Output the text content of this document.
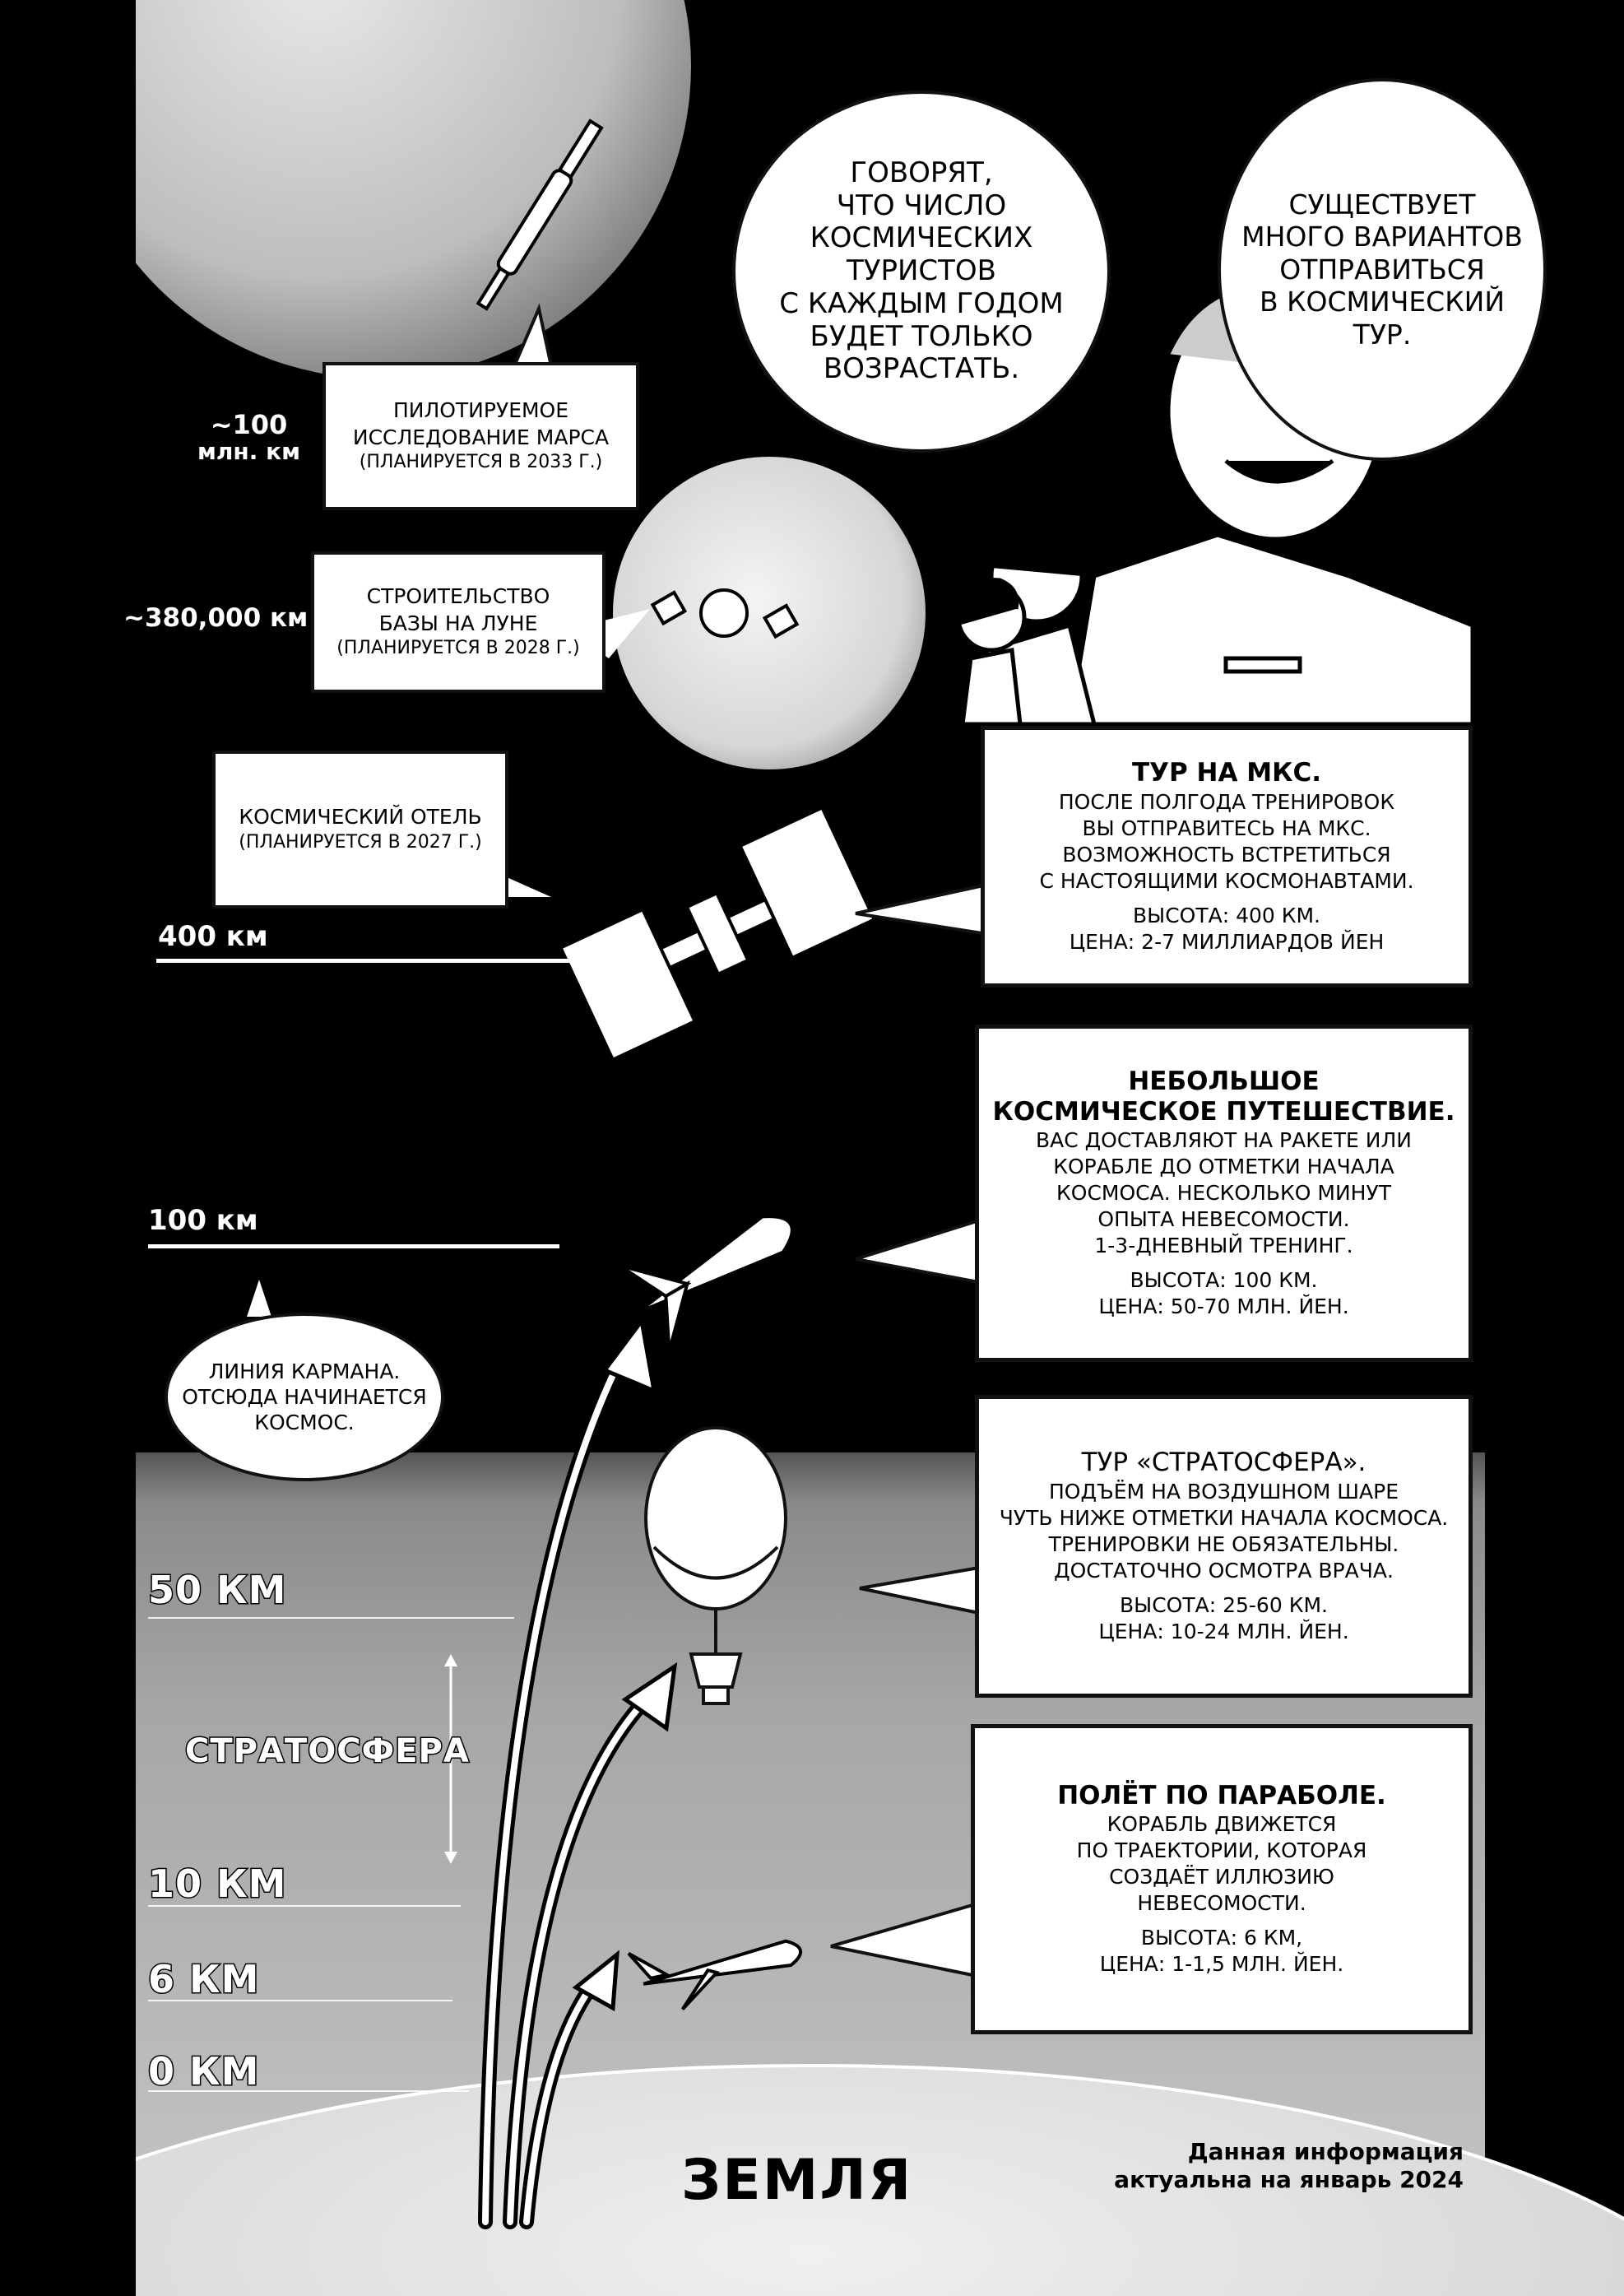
~100
млн. км
~380,000 км
400 км
100 км
50 КМ
СТРАТОСФЕРА
10 КМ
6 КМ
0 КМ
ПИЛОТИРУЕМОЕ
ИССЛЕДОВАНИЕ МАРСА
(ПЛАНИРУЕТСЯ В 2033 Г.)
СТРОИТЕЛЬСТВО
БАЗЫ НА ЛУНЕ
(ПЛАНИРУЕТСЯ В 2028 Г.)
КОСМИЧЕСКИЙ ОТЕЛЬ
(ПЛАНИРУЕТСЯ В 2027 Г.)
ЛИНИЯ КАРМАНА.
ОТСЮДА НАЧИНАЕТСЯ
КОСМОС.
ГОВОРЯТ,
ЧТО ЧИСЛО
КОСМИЧЕСКИХ
ТУРИСТОВ
С КАЖДЫМ ГОДОМ
БУДЕТ ТОЛЬКО
ВОЗРАСТАТЬ.
СУЩЕСТВУЕТ
МНОГО ВАРИАНТОВ
ОТПРАВИТЬСЯ
В КОСМИЧЕСКИЙ
ТУР.
ТУР НА МКС.
ПОСЛЕ ПОЛГОДА ТРЕНИРОВОК
ВЫ ОТПРАВИТЕСЬ НА МКС.
ВОЗМОЖНОСТЬ ВСТРЕТИТЬСЯ
С НАСТОЯЩИМИ КОСМОНАВТАМИ.
ВЫСОТА: 400 КМ.
ЦЕНА: 2-7 МИЛЛИАРДОВ ЙЕН
НЕБОЛЬШОЕ
КОСМИЧЕСКОЕ ПУТЕШЕСТВИЕ.
ВАС ДОСТАВЛЯЮТ НА РАКЕТЕ ИЛИ
КОРАБЛЕ ДО ОТМЕТКИ НАЧАЛА
КОСМОСА. НЕСКОЛЬКО МИНУТ
ОПЫТА НЕВЕСОМОСТИ.
1-3-ДНЕВНЫЙ ТРЕНИНГ.
ВЫСОТА: 100 КМ.
ЦЕНА: 50-70 МЛН. ЙЕН.
ТУР «СТРАТОСФЕРА».
ПОДЪЁМ НА ВОЗДУШНОМ ШАРЕ
ЧУТЬ НИЖЕ ОТМЕТКИ НАЧАЛА КОСМОСА.
ТРЕНИРОВКИ НЕ ОБЯЗАТЕЛЬНЫ.
ДОСТАТОЧНО ОСМОТРА ВРАЧА.
ВЫСОТА: 25-60 КМ.
ЦЕНА: 10-24 МЛН. ЙЕН.
ПОЛЁТ ПО ПАРАБОЛЕ.
КОРАБЛЬ ДВИЖЕТСЯ
ПО ТРАЕКТОРИИ, КОТОРАЯ
СОЗДАЁТ ИЛЛЮЗИЮ
НЕВЕСОМОСТИ.
ВЫСОТА: 6 КМ,
ЦЕНА: 1-1,5 МЛН. ЙЕН.
ЗЕМЛЯ	Данная информация
актуальна на январь 2024
